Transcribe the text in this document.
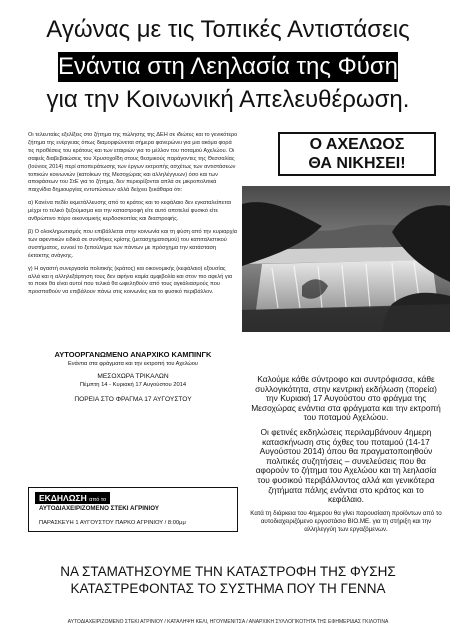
Αγώνας με τις Τοπικές Αντιστάσεις
Ενάντια στη Λεηλασία της Φύσης
για την Κοινωνική Απελευθέρωση.

Οι τελευταίες εξελίξεις στο ζήτημα της πώλησης της ΔΕΗ σε ιδιώτες και το γενικότερο ζήτημα της ενέργειας όπως διαμορφώνεται σήμερα φανερώνει για μια ακόμα φορά τις προθέσεις του κράτους και των εταιριών για το μέλλον του ποταμού Αχελώου. Οι σαφείς διαβεβαιώσεις του Χρυσοχοΐδη στους θεσμικούς παράγοντες της Θεσσαλίας (Ιούνιος 2014) περί αποπεράτωσης των έργων εκτροπής ασχέτως των αντιστάσεων τοπικών κοινωνιών (κατοίκων της Μεσοχώρας και αλληλέγγυων) όσο και των αποφάσεων του ΣτΕ για το ζήτημα, δεν περιορίζονται απλά σε μικροπολιτικά παιχνίδια δημιουργίας εντυπώσεων αλλά δείχνει ξεκάθαρα ότι:

α) Κανένα πεδίο εκμετάλλευσης από το κράτος και το κεφάλαιο δεν εγκαταλείπεται μέχρι το τελικό ξεζούμισμα και την καταστροφή είτε αυτό αποτελεί φυσικό είτε ανθρώπινο πόρο οικονομικής κερδοσκοπίας και διαστροφής.

β) Ο ολοκληρωτισμός που επιβάλλεται στην κοινωνία και τη φύση από την κυριαρχία των αφεντικών ειδικά σε συνθήκες κρίσης (μετασχηματισμού) του καπιταλιστικού συστήματος, ευνοεί το ξεπούλημα των πάντων με πρόσχημα την κατάσταση έκτακτης ανάγκης.

γ) Η αγαστή συνεργασία πολιτικής (κράτος) και οικονομικής (κεφάλαιο) εξουσίας αλλά και η αλληλεξάρτηση τους δεν αφήνει καμία αμφιβολία και στον πιο αφελή για το ποιοι θα είναι αυτοί που τελικά θα ωφεληθούν από τους αγκάλιασμούς που προσπαθούν να επιβάλουν πάνω στις κοινωνίες και το φυσικό περιβάλλον.

Ο ΑΧΕΛΩΟΣ
ΘΑ ΝΙΚΗΣΕΙ!
ΑΥΤΟΟΡΓΑΝΩΜΕΝΟ ΑΝΑΡΧΙΚΟ ΚΑΜΠΙΝΓΚ
Ενάντια στα φράγματα και την εκτροπή του Αχελώου
ΜΕΣΟΧΩΡΑ ΤΡΙΚΑΛΩΝ
Πέμπτη 14 - Κυριακή 17 Αυγούστου 2014
ΠΟΡΕΙΑ ΣΤΟ ΦΡΑΓΜΑ 17 ΑΥΓΟΥΣΤΟΥ
ΕΚΔΗΛΩΣΗ από το
ΑΥΤΟΔΙΑΧΕΙΡΙΖΟΜΕΝΟ ΣΤΕΚΙ ΑΓΡΙΝΙΟΥ
ΠΑΡΑΣΚΕΥΗ 1 ΑΥΓΟΥΣΤΟΥ ΠΑΡΚΟ ΑΓΡΙΝΙΟΥ / 8:00μμ

Καλούμε κάθε σύντροφο και συντρόφισσα, κάθε συλλογικότητα, στην κεντρική εκδήλωση (πορεία) την Κυριακή 17 Αυγούστου στο φράγμα της Μεσοχώρας ενάντια στα φράγματα και την εκτροπή του ποταμού Αχελώου.

Οι φετινές εκδηλώσεις περιλαμβάνουν 4ημερη κατασκήνωση στις όχθες του ποταμού (14-17 Αυγούστου 2014) όπου θα πραγματοποιηθούν πολιτικές συζητήσεις – συνελεύσεις που θα αφορούν το ζήτημα του Αχελώου και τη λεηλασία του φυσικού περιβάλλοντος αλλά και γενικότερα ζητήματα πάλης ενάντια στο κράτος και το κεφάλαιο.

Κατά τη διάρκεια του 4ημερου θα γίνει παρουσίαση προϊόντων από το αυτοδιαχειριζόμενο εργοστάσιο ΒΙΟ.ΜΕ. για τη στήριξη και την αλληλεγγύη των εργαζόμενων.

ΝΑ ΣΤΑΜΑΤΗΣΟΥΜΕ ΤΗΝ ΚΑΤΑΣΤΡΟΦΗ ΤΗΣ ΦΥΣΗΣ
ΚΑΤΑΣΤΡΕΦΟΝΤΑΣ ΤΟ ΣΥΣΤΗΜΑ ΠΟΥ ΤΗ ΓΕΝΝΑ
ΑΥΤΟΔΙΑΧΕΙΡΙΖΟΜΕΝΟ ΣΤΕΚΙ ΑΓΡΙΝΙΟΥ / ΚΑΤΑΛΗΨΗ ΚΕΛΙ, ΗΓΟΥΜΕΝΙΤΣΑ / ΑΝΑΡΧΙΚΗ ΣΥΛΛΟΓΙΚΟΤΗΤΑ ΤΗΣ ΕΦΗΜΕΡΙΔΑΣ ΓΚΙΛΟΤΙΝΑ
